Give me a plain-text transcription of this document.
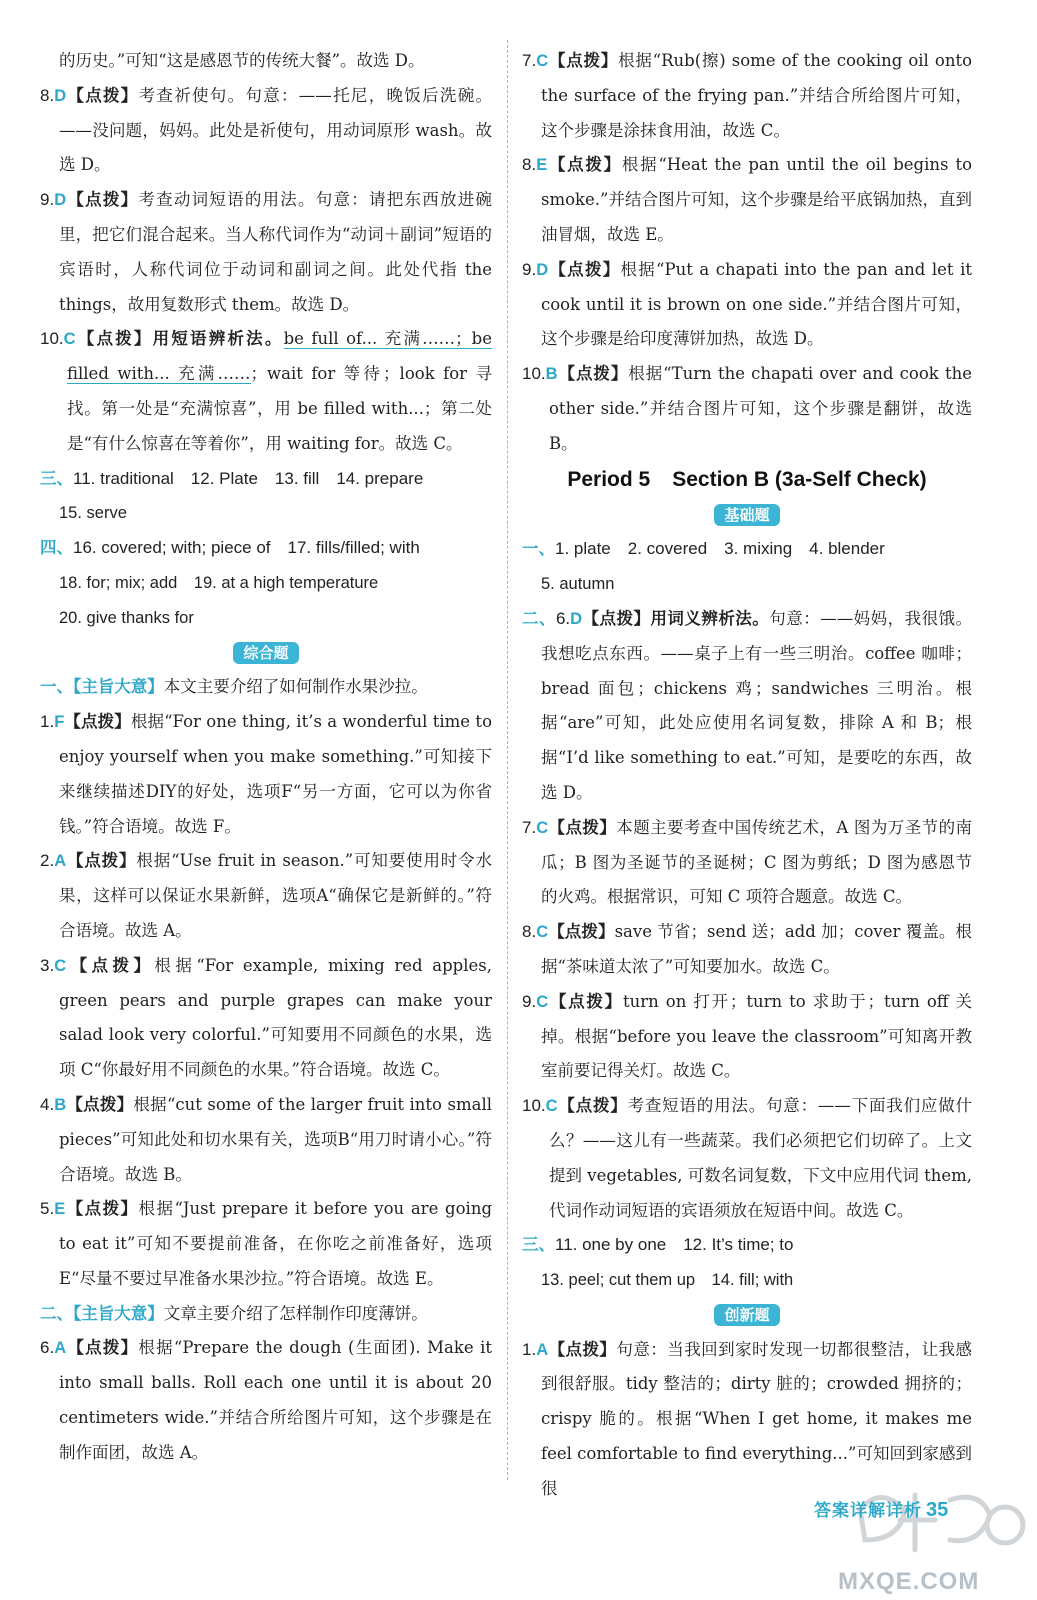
的历史。”可知“这是感恩节的传统大餐”。故选 D。

8.D【点拨】考查祈使句。句意：——托尼，晚饭后洗碗。——没问题，妈妈。此处是祈使句，用动词原形 wash。故选 D。

9.D【点拨】考查动词短语的用法。句意：请把东西放进碗里，把它们混合起来。当人称代词作为“动词＋副词”短语的宾语时，人称代词位于动词和副词之间。此处代指 the things，故用复数形式 them。故选 D。

10.C【点拨】用短语辨析法。be full of... 充满……；be filled with... 充满……；wait for 等待；look for 寻找。第一处是“充满惊喜”，用 be filled with...；第二处是“有什么惊喜在等着你”，用 waiting for。故选 C。

三、11. traditional　12. Plate　13. fill　14. prepare

15. serve

四、16. covered; with; piece of　17. fills/filled; with

18. for; mix; add　19. at a high temperature

20. give thanks for

综合题

一、【主旨大意】本文主要介绍了如何制作水果沙拉。

1.F【点拨】根据“For one thing, it’s a wonderful time to enjoy yourself when you make something.”可知接下来继续描述DIY的好处，选项F“另一方面，它可以为你省钱。”符合语境。故选 F。

2.A【点拨】根据“Use fruit in season.”可知要使用时令水果，这样可以保证水果新鲜，选项A“确保它是新鲜的。”符合语境。故选 A。

3.C【点拨】根据“For example, mixing red apples, green pears and purple grapes can make your salad look very colorful.”可知要用不同颜色的水果，选项 C“你最好用不同颜色的水果。”符合语境。故选 C。

4.B【点拨】根据“cut some of the larger fruit into small pieces”可知此处和切水果有关，选项B“用刀时请小心。”符合语境。故选 B。

5.E【点拨】根据“Just prepare it before you are going to eat it”可知不要提前准备，在你吃之前准备好，选项 E“尽量不要过早准备水果沙拉。”符合语境。故选 E。

二、【主旨大意】文章主要介绍了怎样制作印度薄饼。

6.A【点拨】根据“Prepare the dough (生面团). Make it into small balls. Roll each one until it is about 20 centimeters wide.”并结合所给图片可知，这个步骤是在制作面团，故选 A。

7.C【点拨】根据“Rub(擦) some of the cooking oil onto the surface of the frying pan.”并结合所给图片可知，这个步骤是涂抹食用油，故选 C。

8.E【点拨】根据“Heat the pan until the oil begins to smoke.”并结合图片可知，这个步骤是给平底锅加热，直到油冒烟，故选 E。

9.D【点拨】根据“Put a chapati into the pan and let it cook until it is brown on one side.”并结合图片可知，这个步骤是给印度薄饼加热，故选 D。

10.B【点拨】根据“Turn the chapati over and cook the other side.”并结合图片可知，这个步骤是翻饼，故选 B。

Period 5 Section B (3a-Self Check)

基础题

一、1. plate　2. covered　3. mixing　4. blender

5. autumn

二、6.D【点拨】用词义辨析法。句意：——妈妈，我很饿。我想吃点东西。——桌子上有一些三明治。coffee 咖啡；bread 面包；chickens 鸡；sandwiches 三明治。根据“are”可知，此处应使用名词复数，排除 A 和 B；根据“I’d like something to eat.”可知，是要吃的东西，故选 D。

7.C【点拨】本题主要考查中国传统艺术，A 图为万圣节的南瓜；B 图为圣诞节的圣诞树；C 图为剪纸；D 图为感恩节的火鸡。根据常识，可知 C 项符合题意。故选 C。

8.C【点拨】save 节省；send 送；add 加；cover 覆盖。根据“茶味道太浓了”可知要加水。故选 C。

9.C【点拨】turn on 打开；turn to 求助于；turn off 关掉。根据“before you leave the classroom”可知离开教室前要记得关灯。故选 C。

10.C【点拨】考查短语的用法。句意：——下面我们应做什么？——这儿有一些蔬菜。我们必须把它们切碎了。上文提到 vegetables, 可数名词复数，下文中应用代词 them, 代词作动词短语的宾语须放在短语中间。故选 C。

三、11. one by one　12. It’s time; to

13. peel; cut them up　14. fill; with

创新题

1.A【点拨】句意：当我回到家时发现一切都很整洁，让我感到很舒服。tidy 整洁的；dirty 脏的；crowded 拥挤的；crispy 脆的。根据“When I get home, it makes me feel comfortable to find everything...”可知回到家感到很

答案详解详析 35
MXQE.COM
